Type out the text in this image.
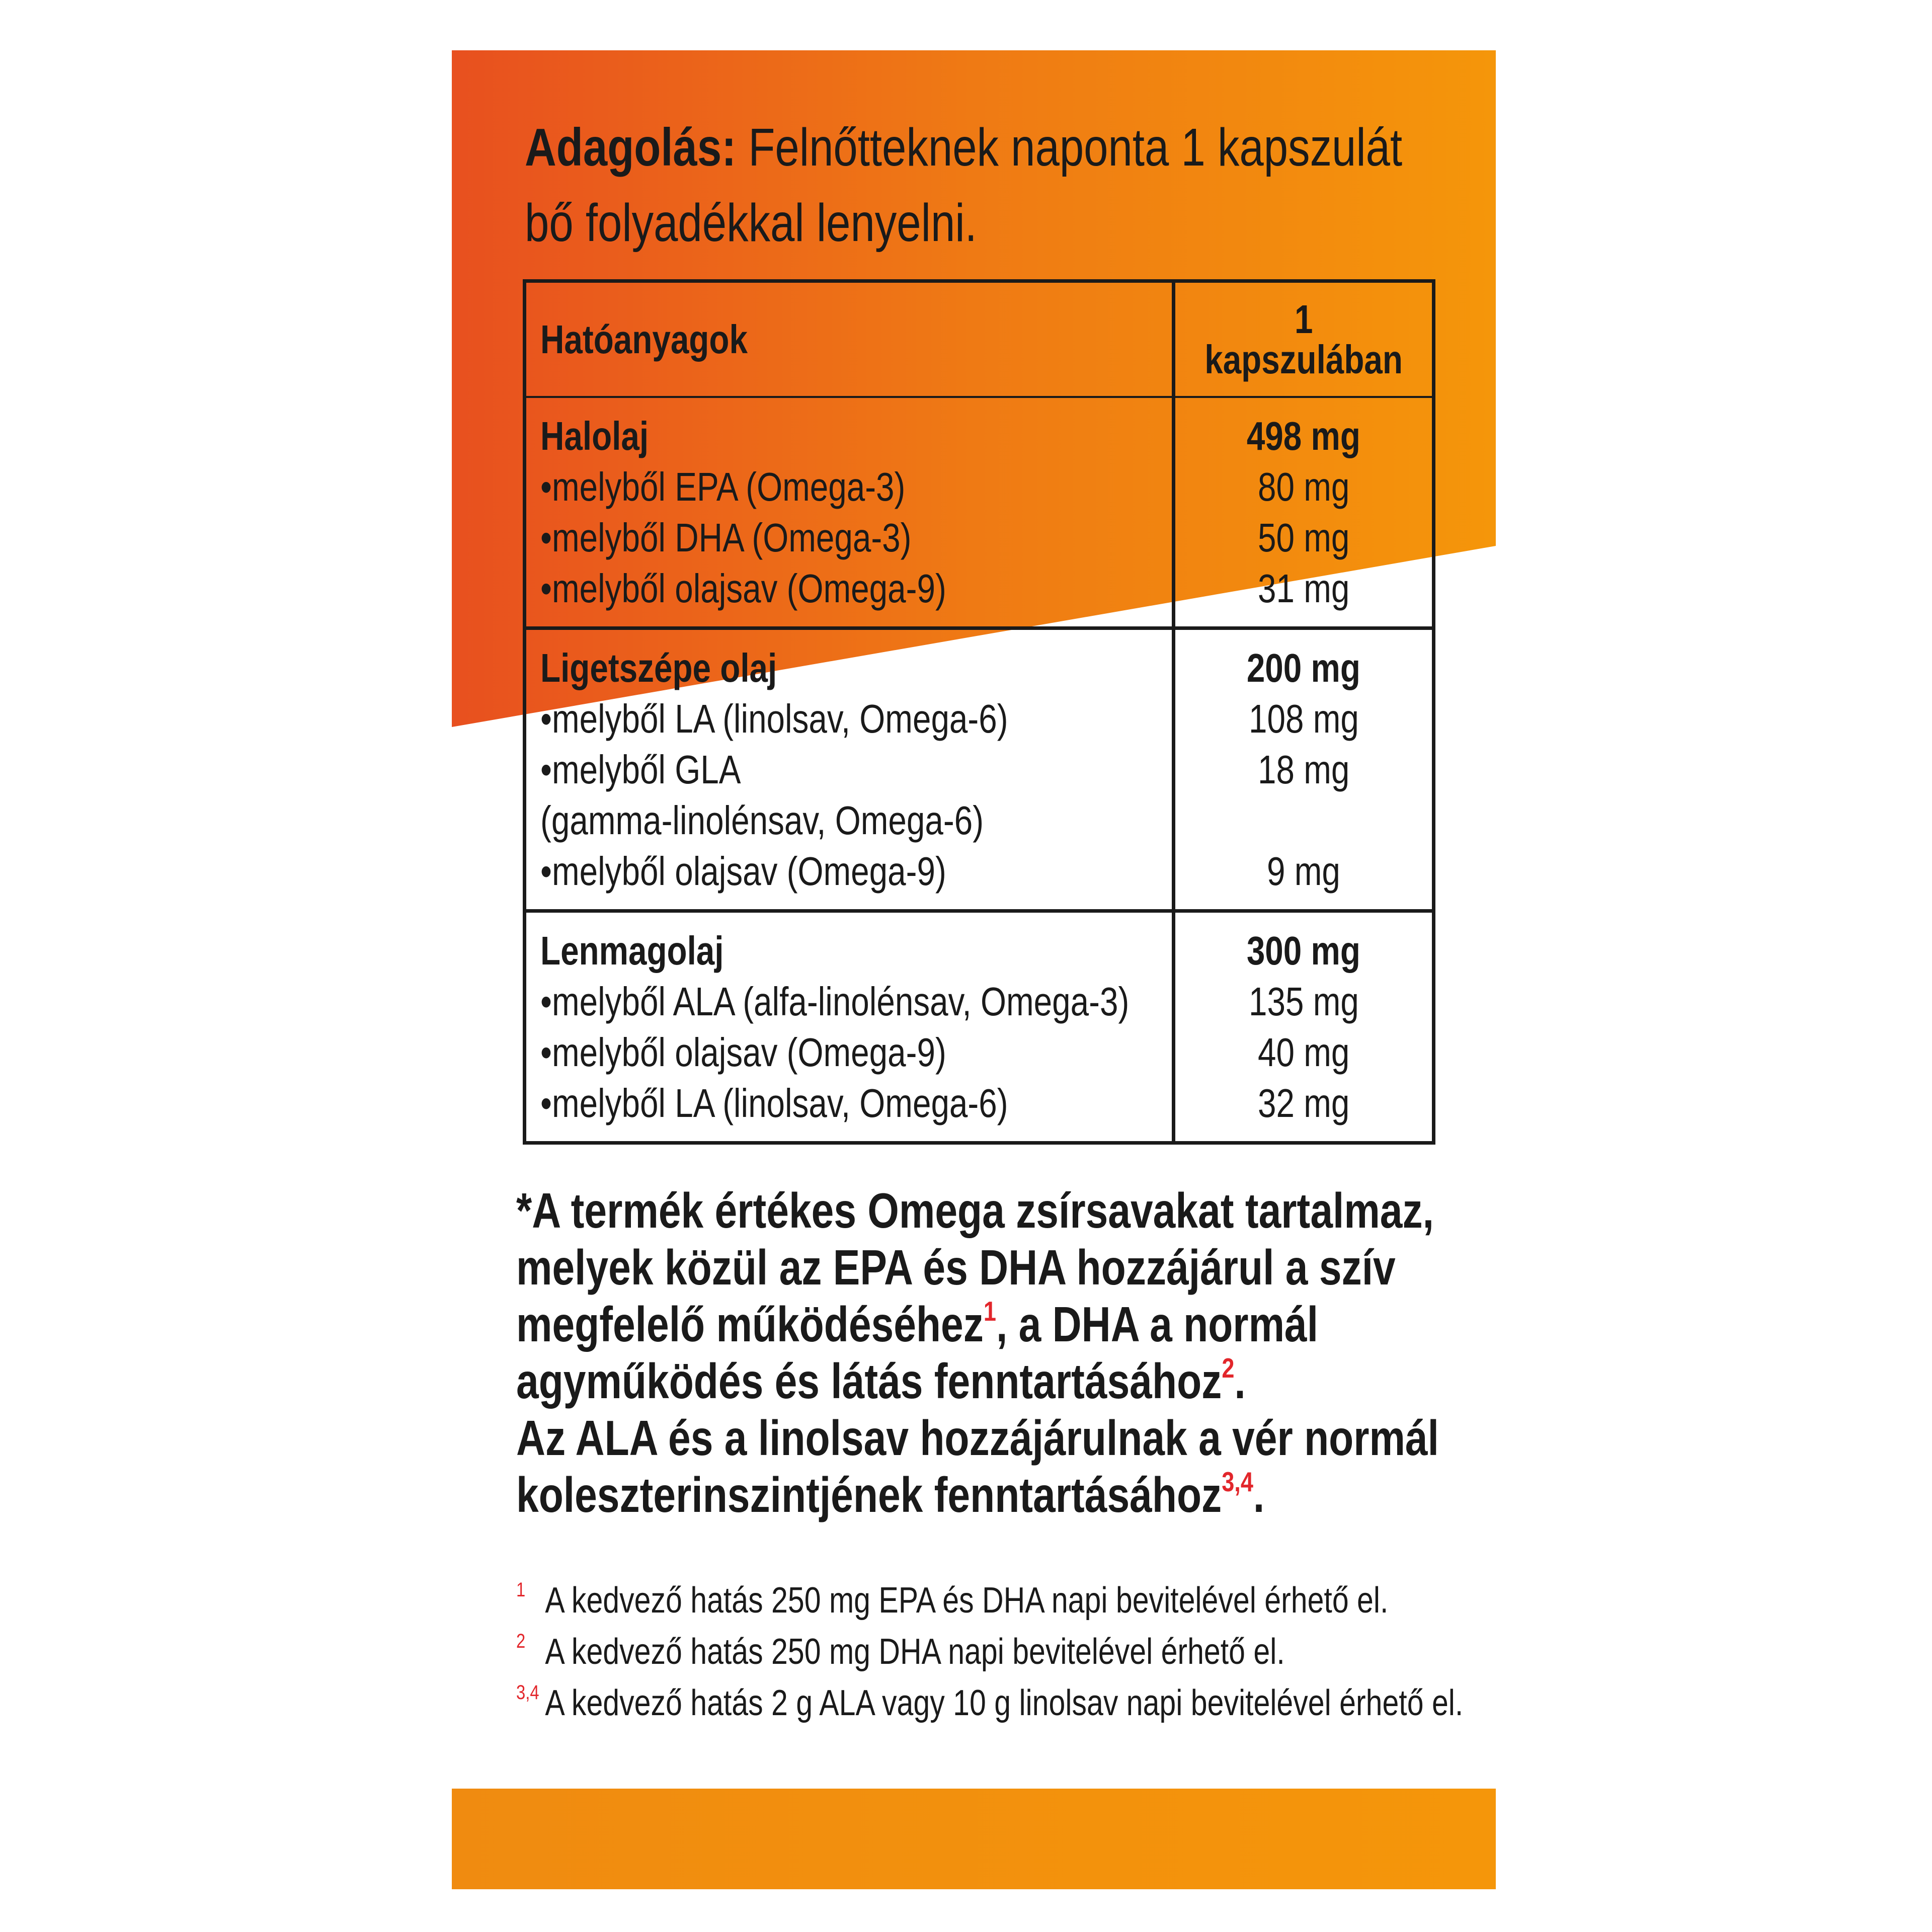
Adagolás: Felnőtteknek naponta 1 kapszulát
bő folyadékkal lenyelni.
Hatóanyagok	1
kapszulában
Halolaj
•melyből EPA (Omega-3)
•melyből DHA (Omega-3)
•melyből olajsav (Omega-9)
498 mg
80 mg
50 mg
31 mg
Ligetszépe olaj
•melyből LA (linolsav, Omega-6)
•melyből GLA
(gamma-linolénsav, Omega-6)
•melyből olajsav (Omega-9)
200 mg
108 mg
18 mg
9 mg
Lenmagolaj
•melyből ALA (alfa-linolénsav, Omega-3)
•melyből olajsav (Omega-9)
•melyből LA (linolsav, Omega-6)
300 mg
135 mg
40 mg
32 mg

*A termék értékes Omega zsírsavakat tartalmaz, melyek közül az EPA és DHA hozzájárul a szív megfelelő működéséhez$^1$, a DHA a normál agyműködés és látás fenntartásához$^2$.

Az ALA és a linolsav hozzájárulnak a vér normál koleszterinszintjének fenntartásához$^{3,4}$.

1 A kedvező hatás 250 mg EPA és DHA napi bevitelével érhető el.
2 A kedvező hatás 250 mg DHA napi bevitelével érhető el.
3,4 A kedvező hatás 2 g ALA vagy 10 g linolsav napi bevitelével érhető el.
